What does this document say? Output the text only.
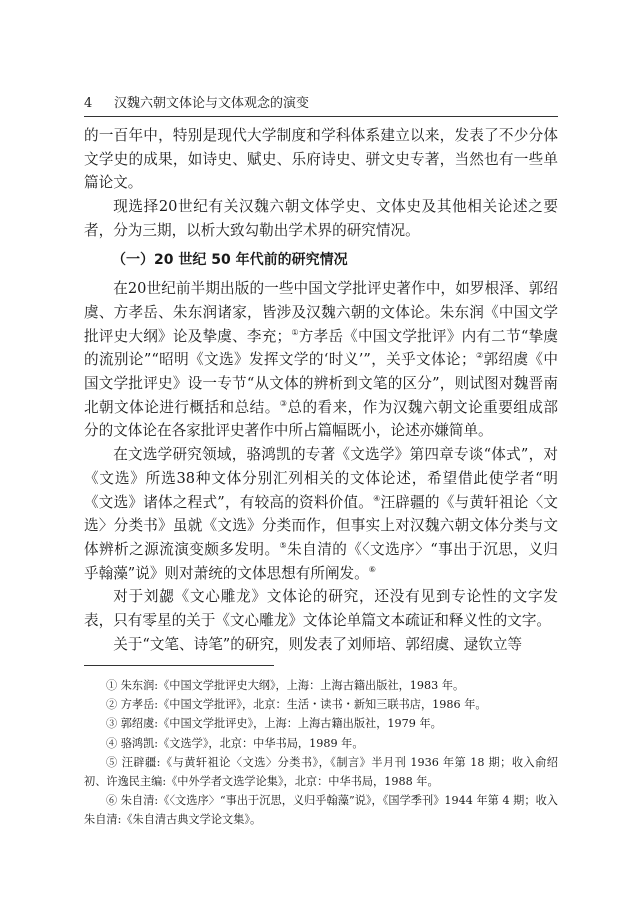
4 汉魏六朝文体论与文体观念的演变

的一百年中，特别是现代大学制度和学科体系建立以来，发表了不少分体文学史的成果，如诗史、赋史、乐府诗史、骈文史专著，当然也有一些单篇论文。

现选择20世纪有关汉魏六朝文体学史、文体史及其他相关论述之要者，分为三期，以析大致勾勒出学术界的研究情况。

（一）20 世纪 50 年代前的研究情况

在20世纪前半期出版的一些中国文学批评史著作中，如罗根泽、郭绍虞、方孝岳、朱东润诸家，皆涉及汉魏六朝的文体论。朱东润《中国文学批评史大纲》论及挚虞、李充；①方孝岳《中国文学批评》内有二节“挚虞的流别论”“昭明《文选》发挥文学的‘时义’”，关乎文体论；②郭绍虞《中国文学批评史》设一专节“从文体的辨析到文笔的区分”，则试图对魏晋南北朝文体论进行概括和总结。③总的看来，作为汉魏六朝文论重要组成部分的文体论在各家批评史著作中所占篇幅既小，论述亦嫌简单。

在文选学研究领域，骆鸿凯的专著《文选学》第四章专谈“体式”，对《文选》所选38种文体分别汇列相关的文体论述，希望借此使学者“明《文选》诸体之程式”，有较高的资料价值。④汪辟疆的《与黄轩祖论〈文选〉分类书》虽就《文选》分类而作，但事实上对汉魏六朝文体分类与文体辨析之源流演变颇多发明。⑤朱自清的《〈文选序〉“事出于沉思，义归乎翰藻”说》则对萧统的文体思想有所阐发。⑥

对于刘勰《文心雕龙》文体论的研究，还没有见到专论性的文字发表，只有零星的关于《文心雕龙》文体论单篇文本疏证和释义性的文字。

关于“文笔、诗笔”的研究，则发表了刘师培、郭绍虞、逯钦立等

① 朱东润:《中国文学批评史大纲》，上海：上海古籍出版社，1983 年。

② 方孝岳:《中国文学批评》，北京：生活・读书・新知三联书店，1986 年。

③ 郭绍虞:《中国文学批评史》，上海：上海古籍出版社，1979 年。

④ 骆鸿凯:《文选学》，北京：中华书局，1989 年。

⑤ 汪辟疆:《与黄轩祖论〈文选〉分类书》，《制言》半月刊 1936 年第 18 期；收入俞绍初、许逸民主编:《中外学者文选学论集》，北京：中华书局，1988 年。

⑥ 朱自清:《〈文选序〉“事出于沉思，义归乎翰藻”说》，《国学季刊》1944 年第 4 期；收入朱自清:《朱自清古典文学论文集》。
